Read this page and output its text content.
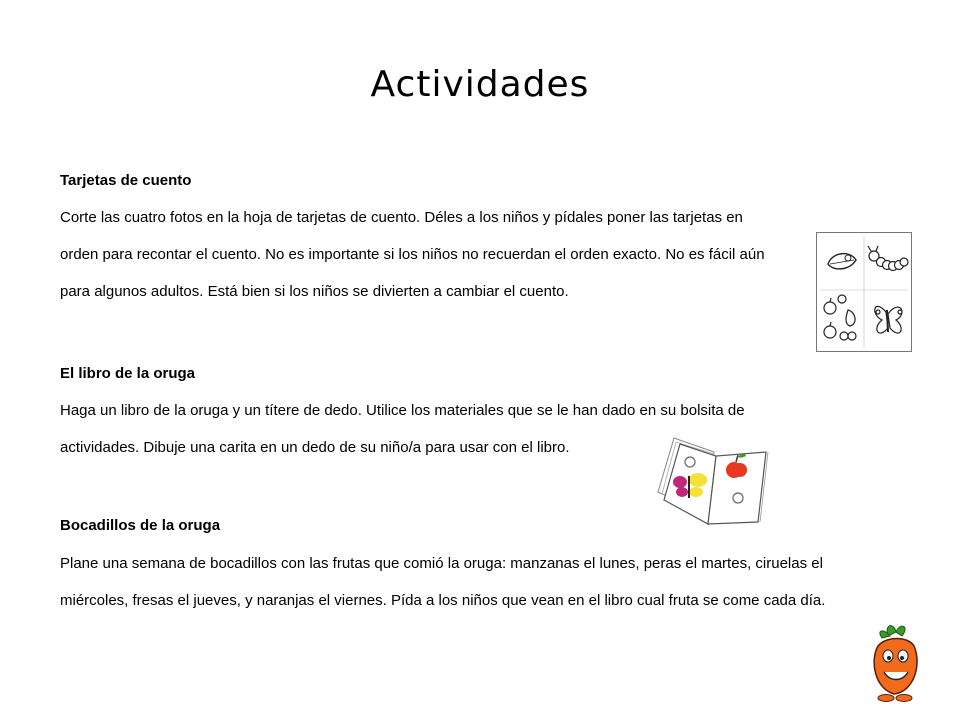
Actividades
Tarjetas de cuento

Corte las cuatro fotos en la hoja de tarjetas de cuento. Déles a los niños y pídales poner las tarjetas en
orden para recontar el cuento. No es importante si los niños no recuerdan el orden exacto. No es fácil aún
para algunos adultos. Está bien si los niños se divierten a cambiar el cuento.

El libro de la oruga

Haga un libro de la oruga y un títere de dedo. Utilice los materiales que se le han dado en su bolsita de
actividades. Dibuje una carita en un dedo de su niño/a para usar con el libro.

Bocadillos de la oruga

Plane una semana de bocadillos con las frutas que comió la oruga: manzanas el lunes, peras el martes, ciruelas el
miércoles, fresas el jueves, y naranjas el viernes. Pída a los niños que vean en el libro cual fruta se come cada día.
